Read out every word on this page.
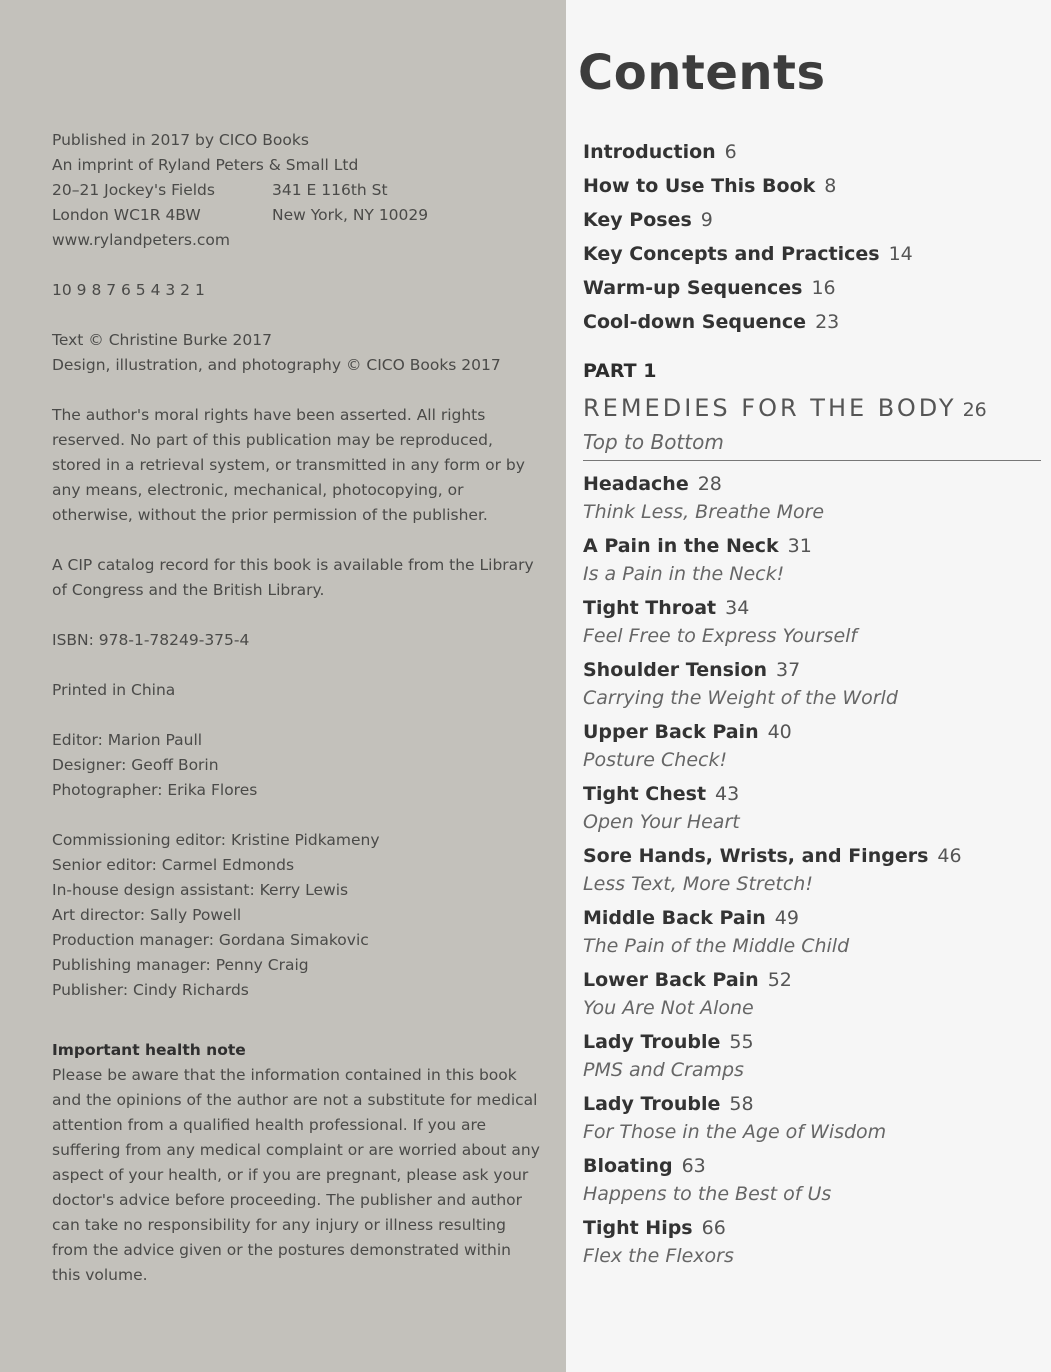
Published in 2017 by CICO Books

An imprint of Ryland Peters & Small Ltd

20–21 Jockey's Fields	341 E 116th St
London WC1R 4BW	New York, NY 10029

www.rylandpeters.com

10 9 8 7 6 5 4 3 2 1

Text © Christine Burke 2017

Design, illustration, and photography © CICO Books 2017

The author's moral rights have been asserted. All rights reserved. No part of this publication may be reproduced, stored in a retrieval system, or transmitted in any form or by any means, electronic, mechanical, photocopying, or otherwise, without the prior permission of the publisher.

A CIP catalog record for this book is available from the Library of Congress and the British Library.

ISBN: 978-1-78249-375-4

Printed in China

Editor: Marion Paull

Designer: Geoff Borin

Photographer: Erika Flores

Commissioning editor: Kristine Pidkameny

Senior editor: Carmel Edmonds

In-house design assistant: Kerry Lewis

Art director: Sally Powell

Production manager: Gordana Simakovic

Publishing manager: Penny Craig

Publisher: Cindy Richards

Important health note

Please be aware that the information contained in this book and the opinions of the author are not a substitute for medical attention from a qualified health professional. If you are suffering from any medical complaint or are worried about any aspect of your health, or if you are pregnant, please ask your doctor's advice before proceeding. The publisher and author can take no responsibility for any injury or illness resulting from the advice given or the postures demonstrated within this volume.

Contents
Introduction 6
How to Use This Book 8
Key Poses 9
Key Concepts and Practices 14
Warm-up Sequences 16
Cool-down Sequence 23

PART 1

REMEDIES FOR THE BODY 26
Top to Bottom
Headache 28
Think Less, Breathe More
A Pain in the Neck 31
Is a Pain in the Neck!
Tight Throat 34
Feel Free to Express Yourself
Shoulder Tension 37
Carrying the Weight of the World
Upper Back Pain 40
Posture Check!
Tight Chest 43
Open Your Heart
Sore Hands, Wrists, and Fingers 46
Less Text, More Stretch!
Middle Back Pain 49
The Pain of the Middle Child
Lower Back Pain 52
You Are Not Alone
Lady Trouble 55
PMS and Cramps
Lady Trouble 58
For Those in the Age of Wisdom
Bloating 63
Happens to the Best of Us
Tight Hips 66
Flex the Flexors
